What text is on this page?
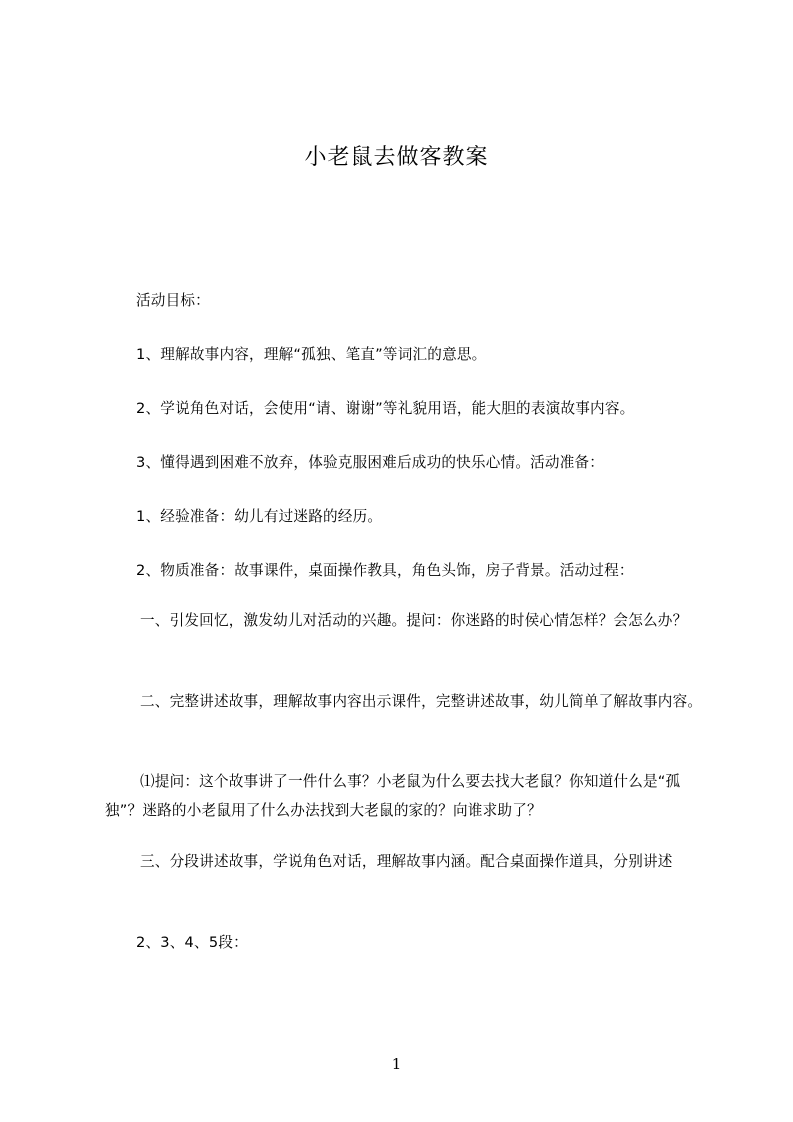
小老鼠去做客教案

活动目标：

1、理解故事内容，理解“孤独、笔直”等词汇的意思。

2、学说角色对话，会使用“请、谢谢”等礼貌用语，能大胆的表演故事内容。

3、懂得遇到困难不放弃，体验克服困难后成功的快乐心情。活动准备：

1、经验准备：幼儿有过迷路的经历。

2、物质准备：故事课件，桌面操作教具，角色头饰，房子背景。活动过程：

一、引发回忆，激发幼儿对活动的兴趣。提问：你迷路的时侯心情怎样？会怎么办？

二、完整讲述故事，理解故事内容出示课件，完整讲述故事，幼儿简单了解故事内容。

⑴提问：这个故事讲了一件什么事？小老鼠为什么要去找大老鼠？你知道什么是“孤独”？迷路的小老鼠用了什么办法找到大老鼠的家的？向谁求助了？

三、分段讲述故事，学说角色对话，理解故事内涵。配合桌面操作道具，分别讲述

2、3、4、5段：

1
